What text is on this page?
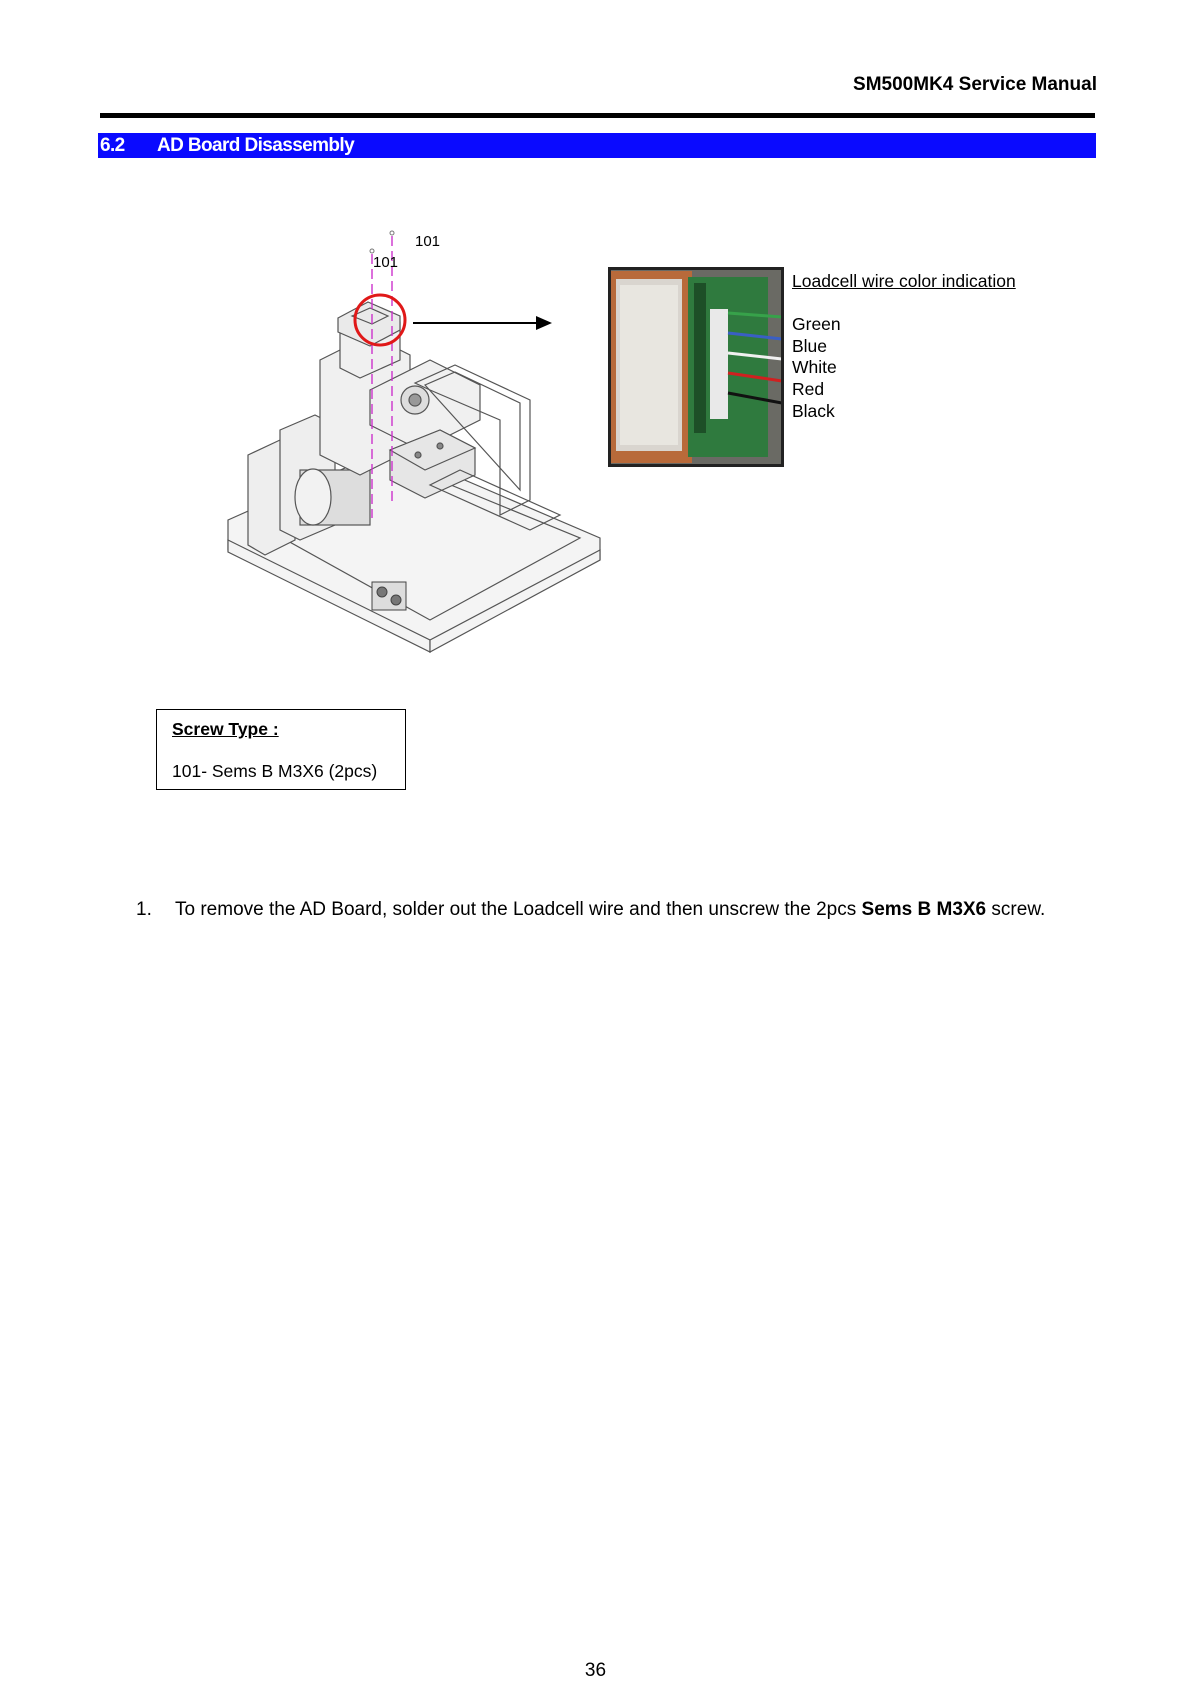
SM500MK4 Service Manual
6.2 AD Board Disassembly
101
101
Loadcell wire color indication
Green
Blue
White
Red
Black
Screw Type :
101- Sems B M3X6 (2pcs)
1. To remove the AD Board, solder out the Loadcell wire and then unscrew the 2pcs Sems B M3X6 screw.
36
